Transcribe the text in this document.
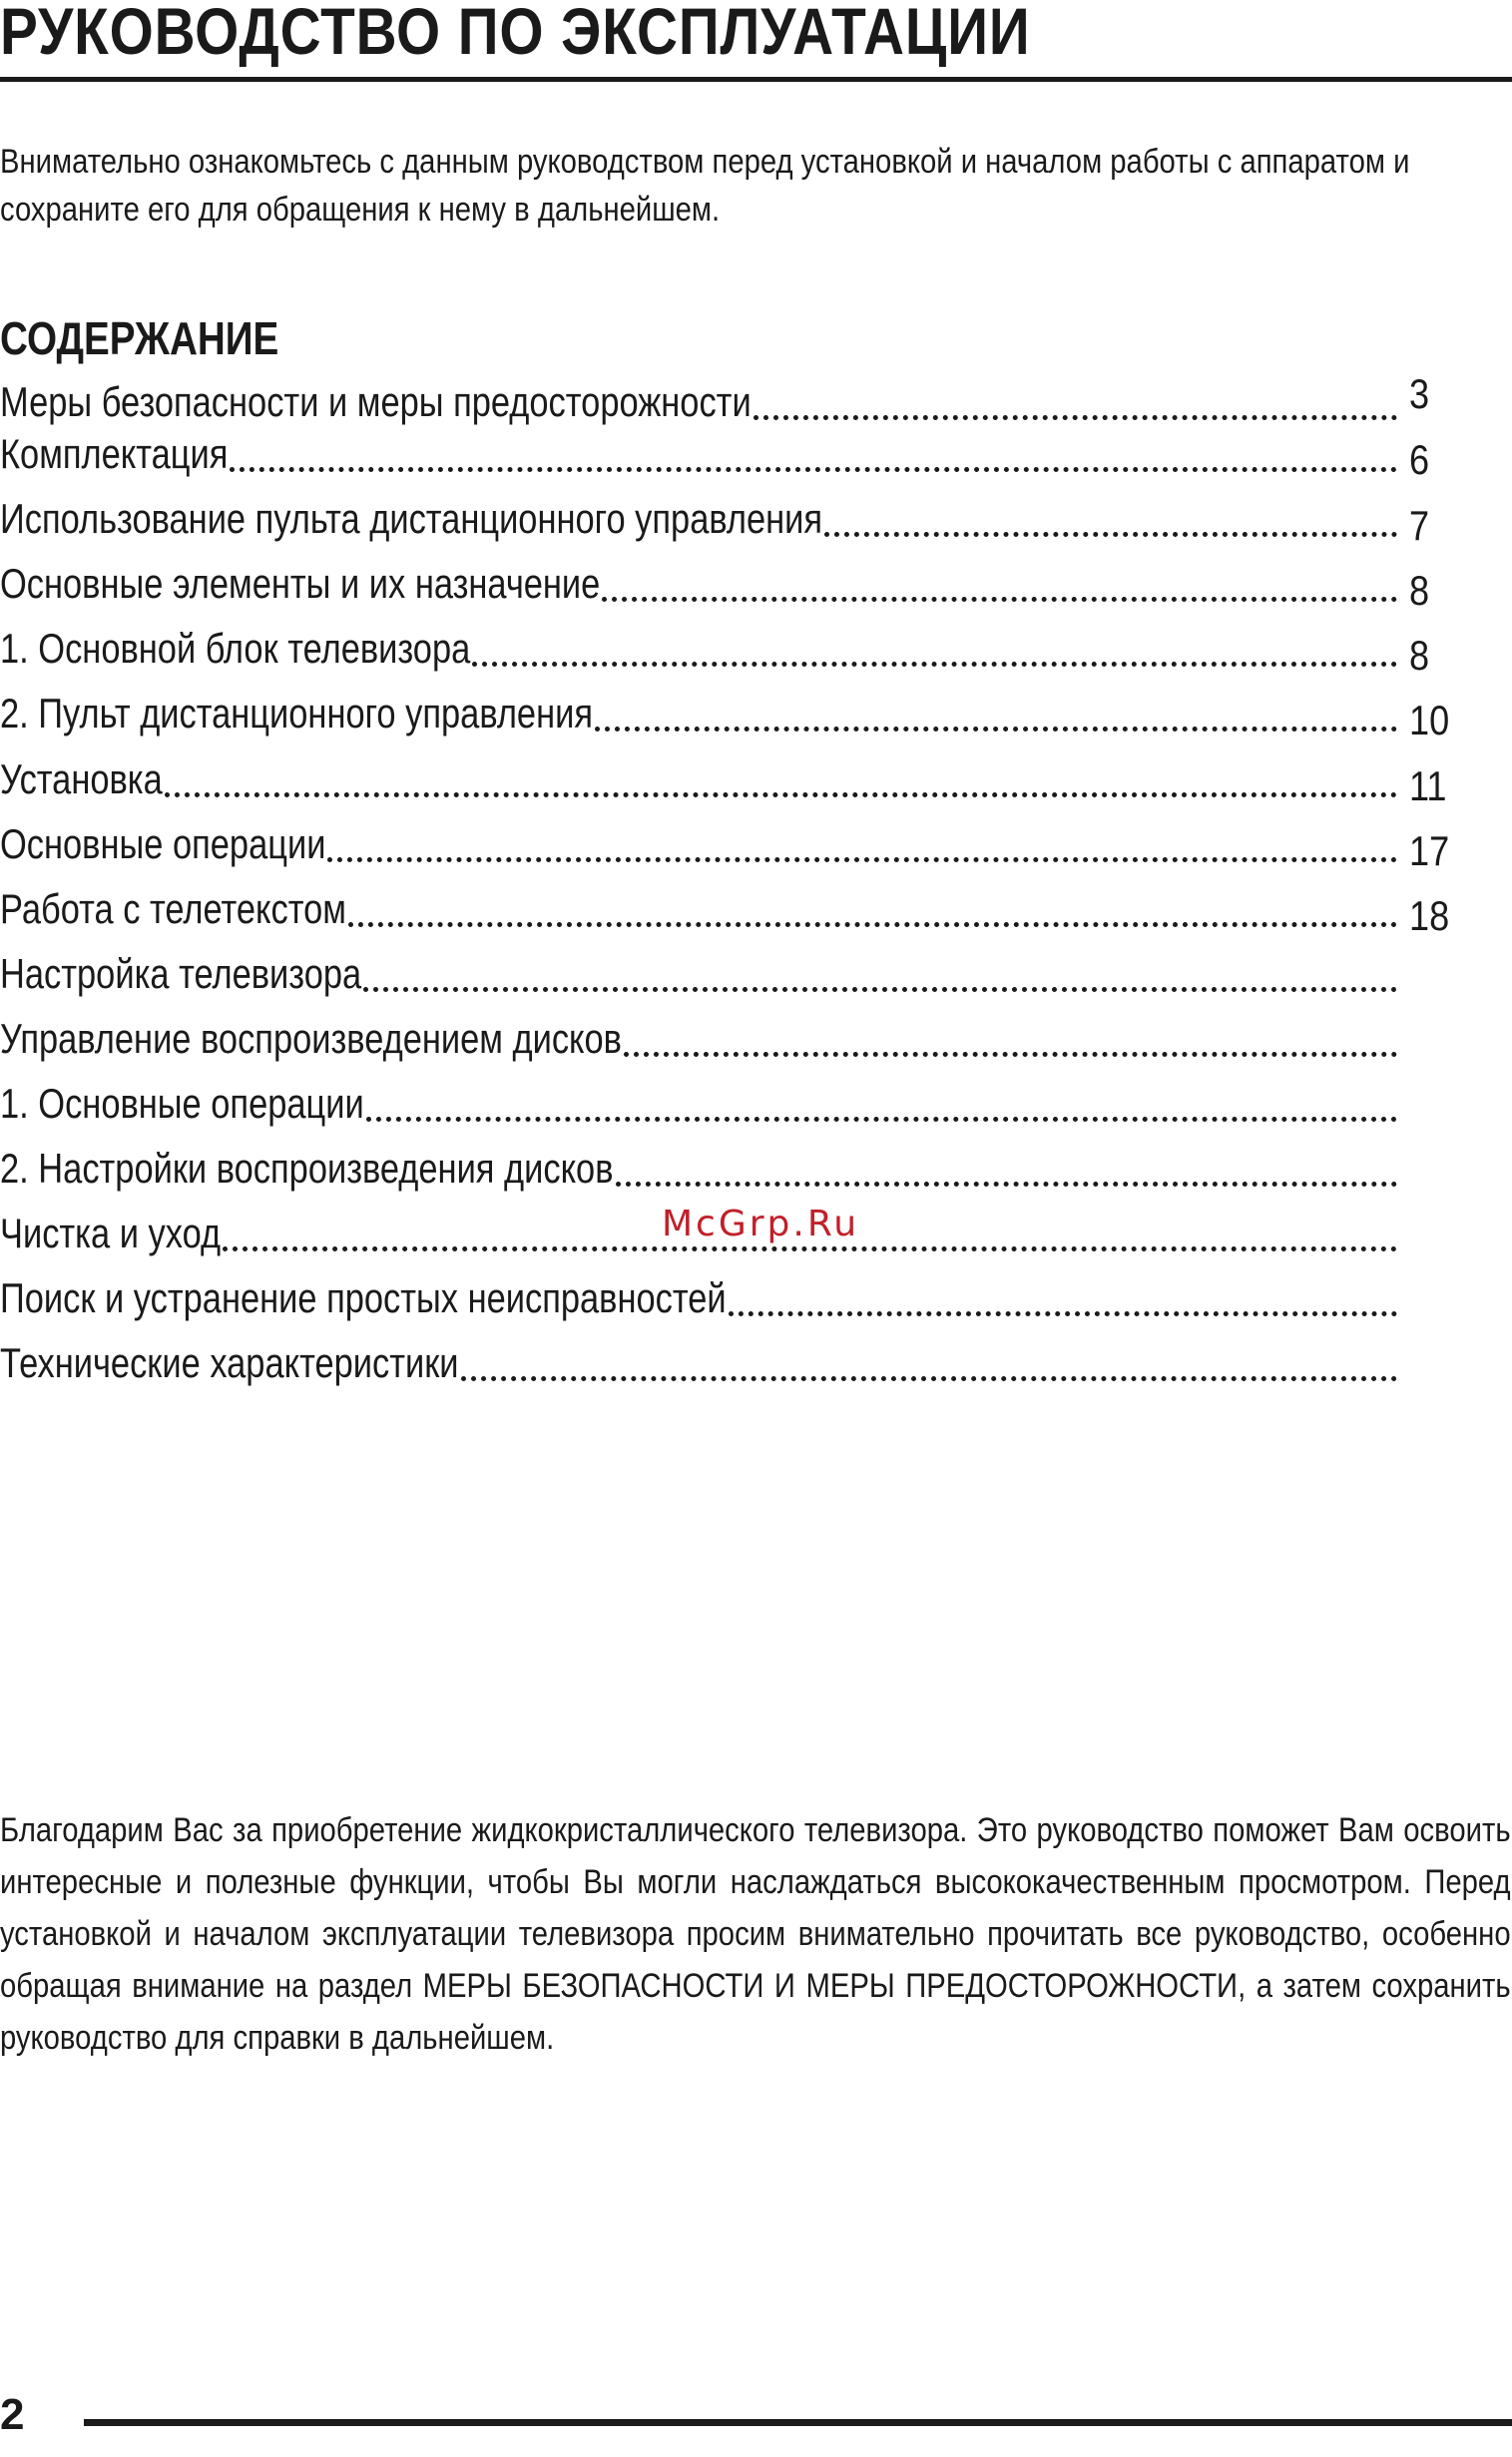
РУКОВОДСТВО ПО ЭКСПЛУАТАЦИИ

Внимательно ознакомьтесь с данным руководством перед установкой и началом работы с аппаратом и сохраните его для обращения к нему в дальнейшем.

СОДЕРЖАНИЕ
Меры безопасности и меры предосторожности	3
Комплектация	6
Использование пульта дистанционного управления	7
Основные элементы и их назначение	8
1. Основной блок телевизора	8
2. Пульт дистанционного управления	10
Установка	11
Основные операции	17
Работа с телетекстом	18
Настройка телевизора
Управление воспроизведением дисков
1. Основные операции
2. Настройки воспроизведения дисков
Чистка и уход
Поиск и устранение простых неисправностей
Технические характеристики

McGrp.Ru

Благодарим Вас за приобретение жидкокристаллического телевизора. Это руководство поможет Вам освоить интересные и полезные функции, чтобы Вы могли наслаждаться высококачественным просмотром. Перед установкой и началом эксплуатации телевизора просим внимательно прочитать все руководство, особенно обращая внимание на раздел МЕРЫ БЕЗОПАСНОСТИ И МЕРЫ ПРЕДОСТОРОЖНОСТИ, а затем сохранить руководство для справки в дальнейшем.

2
